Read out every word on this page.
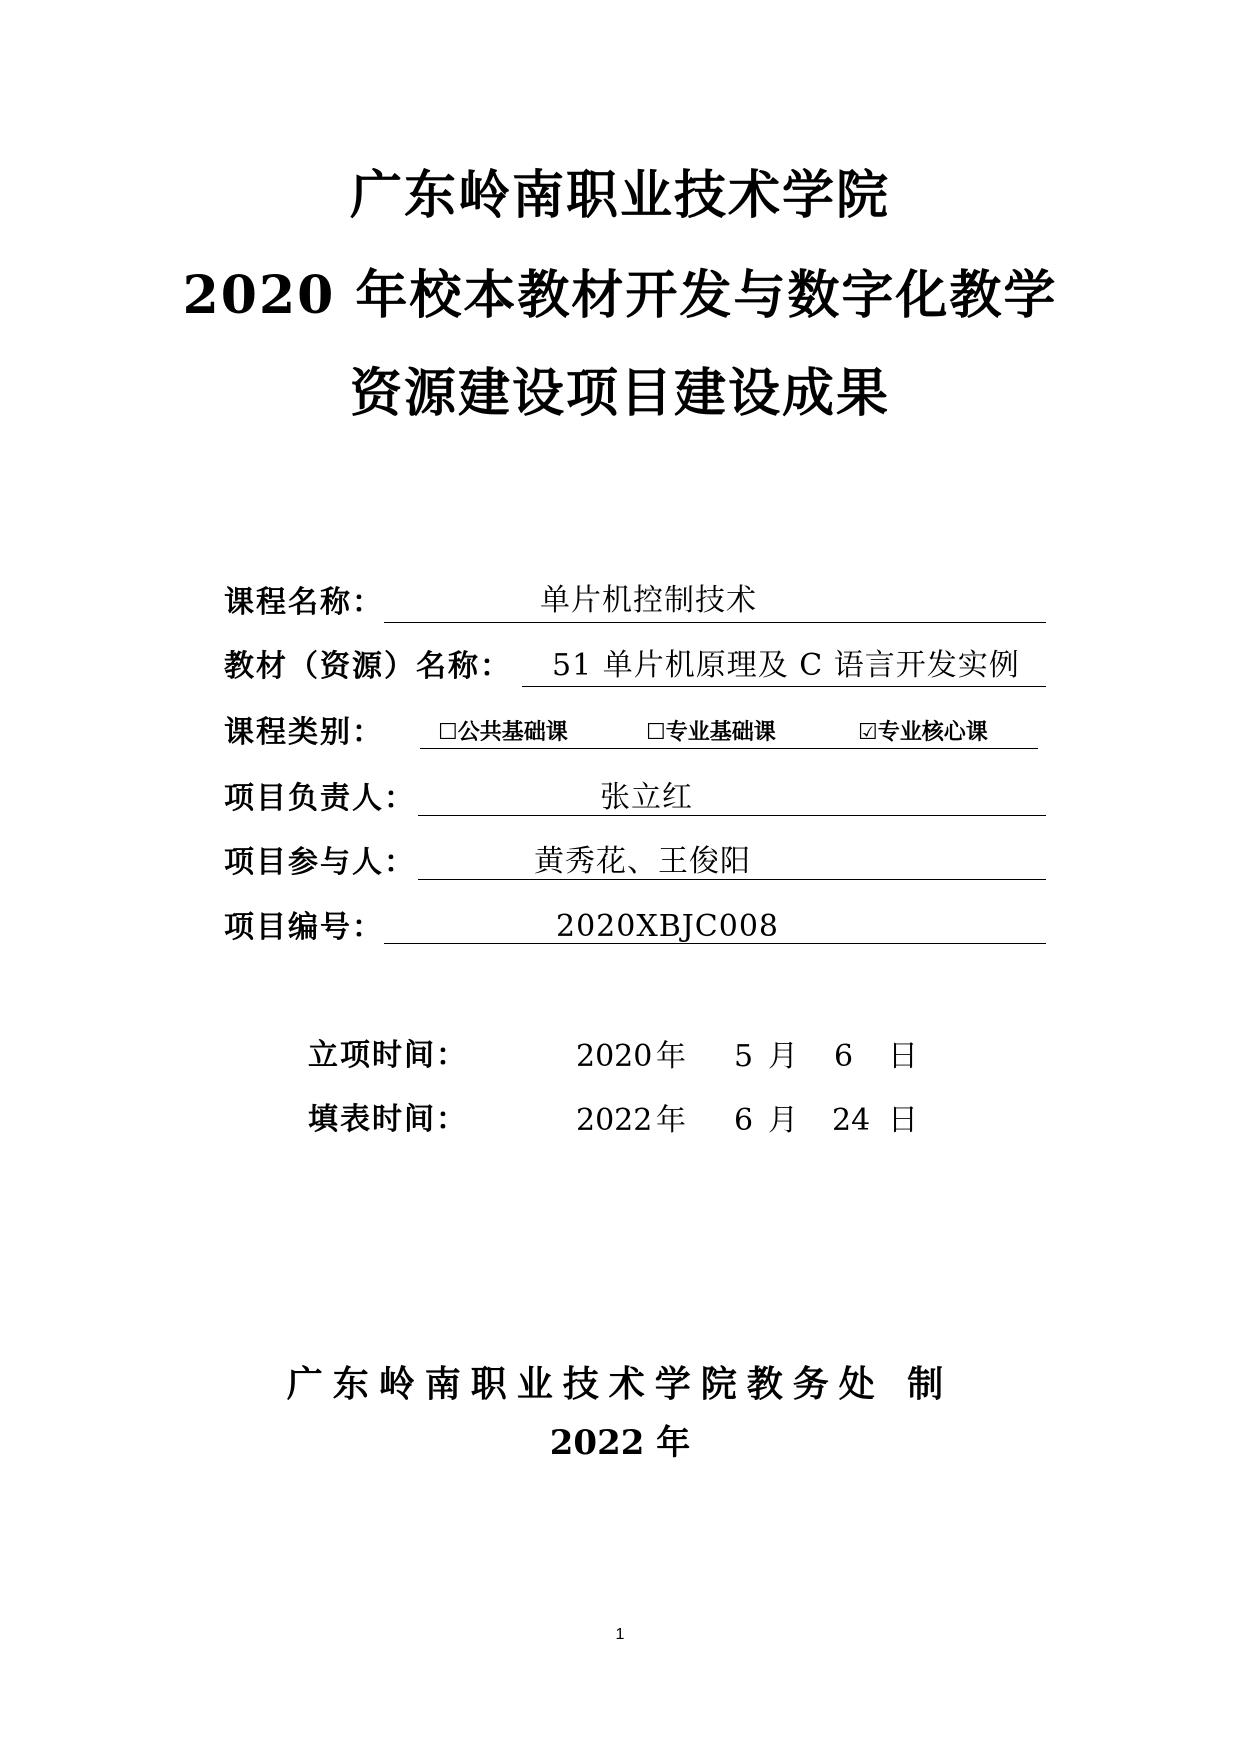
广东岭南职业技术学院
2020 年校本教材开发与数字化教学
资源建设项目建设成果
课程名称：	单片机控制技术
教材（资源）名称： 51 单片机原理及 C 语言开发实例
课程类别： ☐公共基础课	☐专业基础课	☑专业核心课
项目负责人：	张立红
项目参与人：	黄秀花、王俊阳
项目编号：	2020XBJC008
立项时间：	2020 年 5 月 6 日
填表时间：	2022 年 6 月 24 日
广东岭南职业技术学院教务处 制
2022 年
1
